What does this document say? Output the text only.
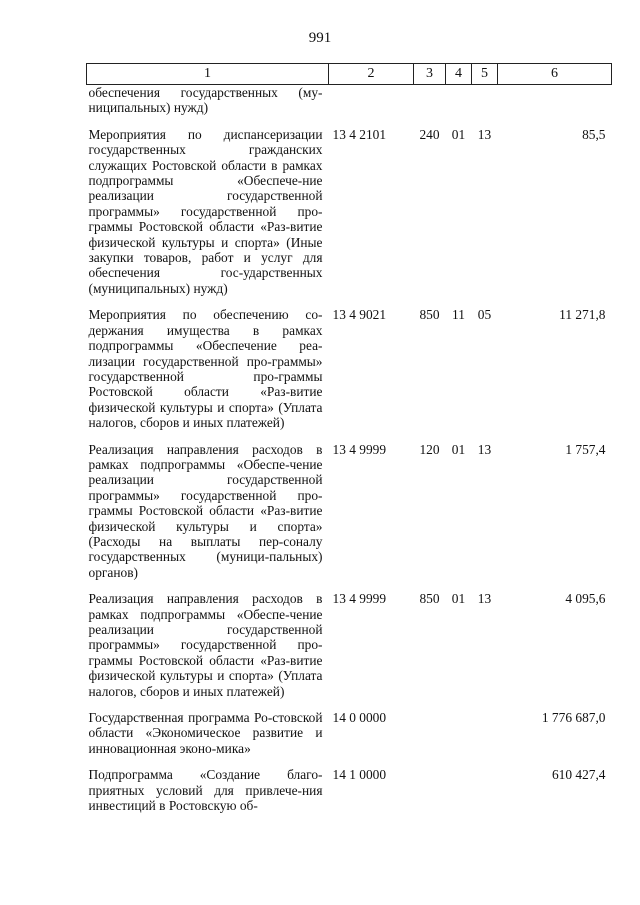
991
1	2	3	4	5	6
обеспечения государственных (му-ниципальных) нужд)					
Мероприятия по диспансеризации государственных гражданских служащих Ростовской области в рамках подпрограммы «Обеспече-ние реализации государственной программы» государственной про-граммы Ростовской области «Раз-витие физической культуры и спорта» (Иные закупки товаров, работ и услуг для обеспечения гос-ударственных (муниципальных) нужд)	13 4 2101	240	01	13	85,5
Мероприятия по обеспечению со-держания имущества в рамках подпрограммы «Обеспечение реа-лизации государственной про-граммы» государственной про-граммы Ростовской области «Раз-витие физической культуры и спорта» (Уплата налогов, сборов и иных платежей)	13 4 9021	850	11	05	11 271,8
Реализация направления расходов в рамках подпрограммы «Обеспе-чение реализации государственной программы» государственной про-граммы Ростовской области «Раз-витие физической культуры и спорта» (Расходы на выплаты пер-соналу государственных (муници-пальных) органов)	13 4 9999	120	01	13	1 757,4
Реализация направления расходов в рамках подпрограммы «Обеспе-чение реализации государственной программы» государственной про-граммы Ростовской области «Раз-витие физической культуры и спорта» (Уплата налогов, сборов и иных платежей)	13 4 9999	850	01	13	4 095,6
Государственная программа Ро-стовской области «Экономическое развитие и инновационная эконо-мика»	14 0 0000				1 776 687,0
Подпрограмма «Создание благо-приятных условий для привлече-ния инвестиций в Ростовскую об-	14 1 0000				610 427,4
